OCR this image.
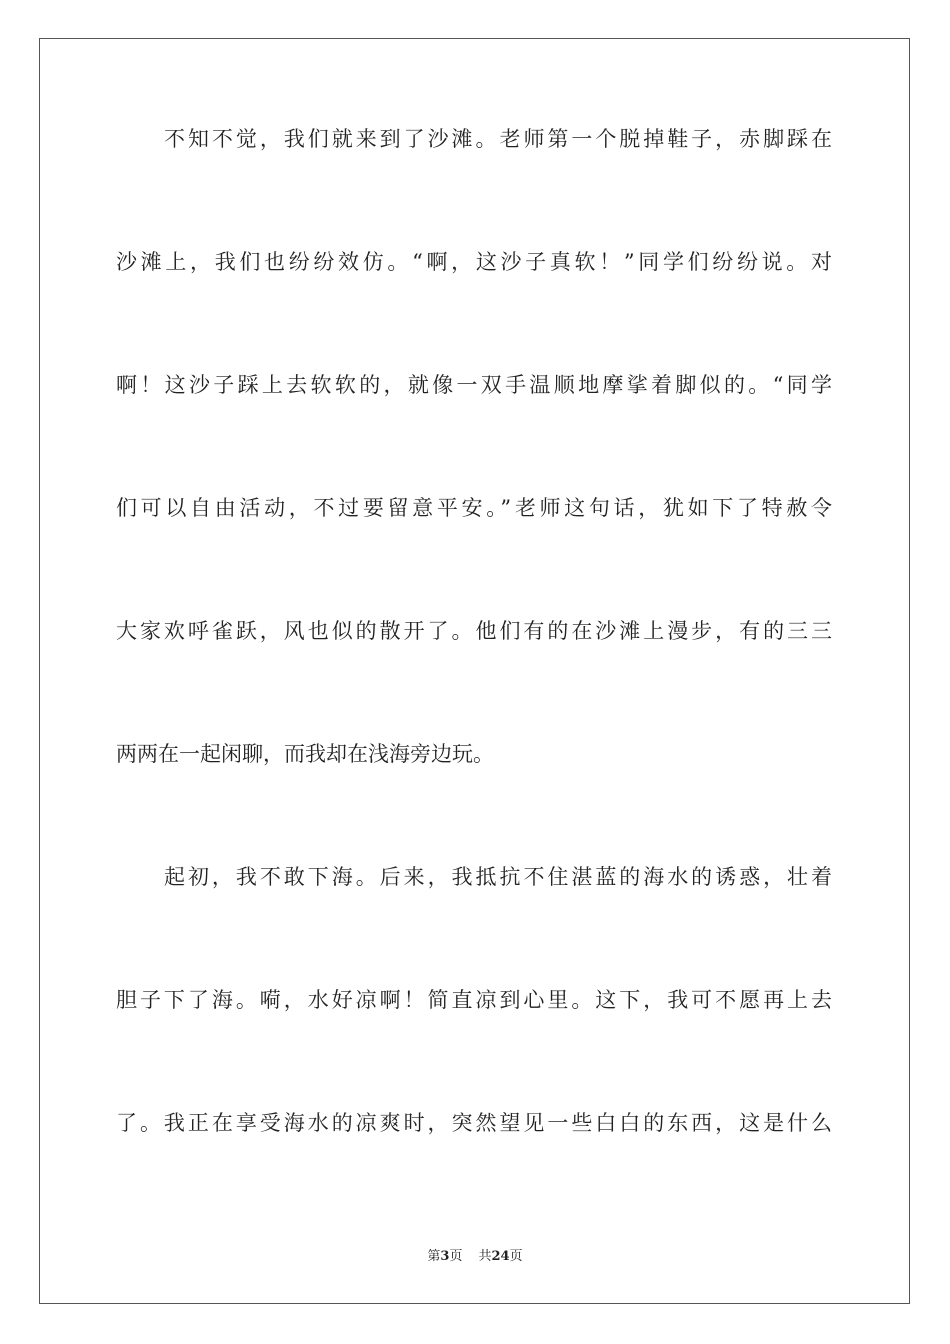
不知不觉，我们就来到了沙滩。老师第一个脱掉鞋子，赤脚踩在
沙滩上，我们也纷纷效仿。“啊，这沙子真软！”同学们纷纷说。对
啊！这沙子踩上去软软的，就像一双手温顺地摩挲着脚似的。“同学
们可以自由活动，不过要留意平安。”老师这句话，犹如下了特赦令
大家欢呼雀跃，风也似的散开了。他们有的在沙滩上漫步，有的三三
两两在一起闲聊，而我却在浅海旁边玩。
起初，我不敢下海。后来，我抵抗不住湛蓝的海水的诱惑，壮着
胆子下了海。嗬，水好凉啊！简直凉到心里。这下，我可不愿再上去
了。我正在享受海水的凉爽时，突然望见一些白白的东西，这是什么
第3页 共24页
